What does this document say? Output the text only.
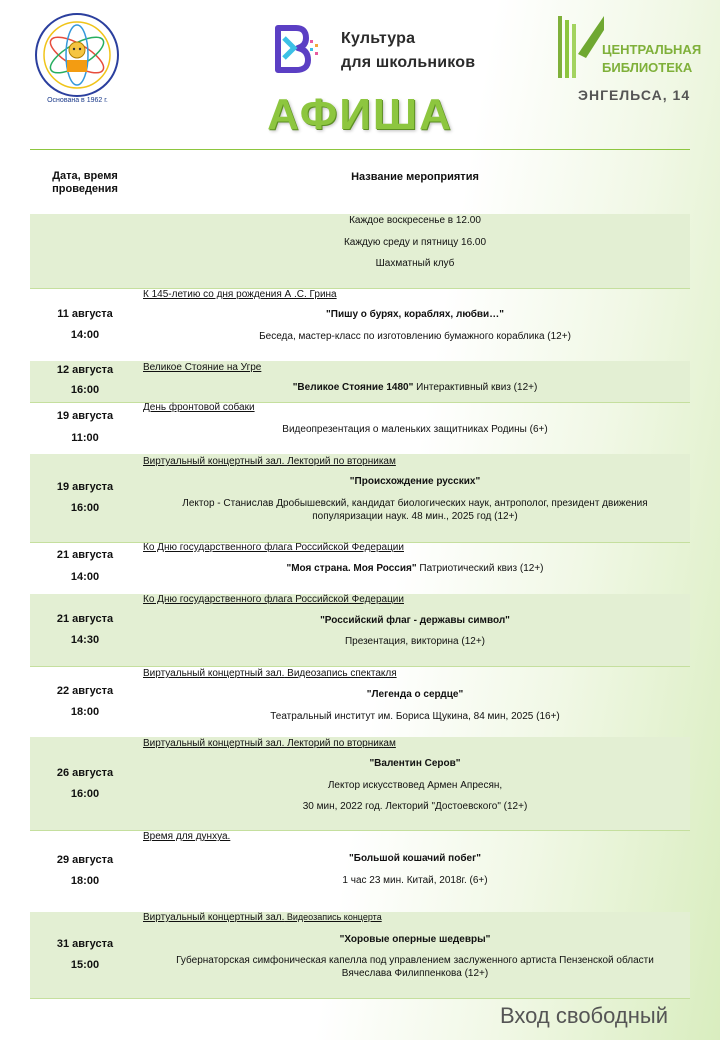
Основана в 1962 г.
Культура
для школьников
ЦЕНТРАЛЬНАЯ
БИБЛИОТЕКА
ЭНГЕЛЬСА, 14
АФИША
Дата, время проведения
Название мероприятия
Каждое воскресенье в 12.00
Каждую среду и пятницу 16.00
Шахматный клуб
11 августа
14:00
К 145-летию со дня рождения А .С. Грина
"Пишу о бурях, кораблях, любви…"
Беседа, мастер-класс по изготовлению бумажного кораблика (12+)
12 августа
16:00
Великое Стояние на Угре
"Великое Стояние 1480" Интерактивный квиз (12+)
19 августа
11:00
День фронтовой собаки
Видеопрезентация о маленьких защитниках Родины (6+)
19 августа
16:00
Виртуальный концертный зал. Лекторий по вторникам
"Происхождение русских"
Лектор - Станислав Дробышевский, кандидат биологических наук, антрополог, президент движения
популяризации наук. 48 мин., 2025 год (12+)
21 августа
14:00
Ко Дню государственного флага Российской Федерации
"Моя страна. Моя Россия" Патриотический квиз (12+)
21 августа
14:30
Ко Дню государственного флага Российской Федерации
"Российский флаг - державы символ"
Презентация, викторина (12+)
22 августа
18:00
Виртуальный концертный зал. Видеозапись спектакля
"Легенда о сердце"
Театральный институт им. Бориса Щукина, 84 мин, 2025 (16+)
26 августа
16:00
Виртуальный концертный зал. Лекторий по вторникам
"Валентин Серов"
Лектор искусствовед Армен Апресян,
30 мин, 2022 год. Лекторий "Достоевского" (12+)
29 августа
18:00
Время для дунхуа.
"Большой кошачий побег"
1 час 23 мин. Китай, 2018г. (6+)
31 августа
15:00
Виртуальный концертный зал. Видеозапись концерта
"Хоровые оперные шедевры"
Губернаторская симфоническая капелла под управлением заслуженного артиста Пензенской области
Вячеслава Филиппенкова (12+)
Вход свободный
